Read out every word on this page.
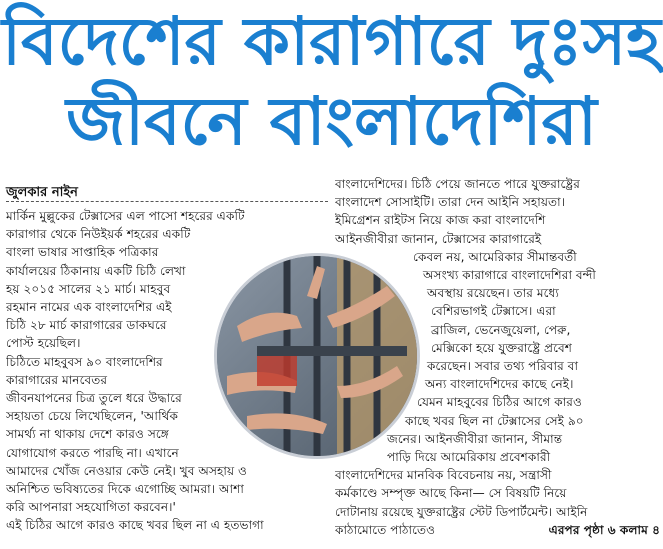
বিদেশের কারাগারে দুঃসহ
জীবনে বাংলাদেশিরা
জুলকার নাইন
মার্কিন মুল্লুকের টেক্সাসের এল পাসো শহরের একটি
কারাগার থেকে নিউইয়র্ক শহরের একটি
বাংলা ভাষার সাপ্তাহিক পত্রিকার
কার্যালয়ের ঠিকানায় একটি চিঠি লেখা
হয় ২০১৫ সালের ২১ মার্চ। মাহবুব
রহমান নামের এক বাংলাদেশির এই
চিঠি ২৮ মার্চ কারাগারের ডাকঘরে
পোস্ট হয়েছিল।
চিঠিতে মাহবুবস ৯০ বাংলাদেশির
কারাগারের মানবেতর
জীবনযাপনের চিত্র তুলে ধরে উদ্ধারে
সহায়তা চেয়ে লিখেছিলেন, 'আর্থিক
সামর্থ্য না থাকায় দেশে কারও সঙ্গে
যোগাযোগ করতে পারছি না। এখানে
আমাদের খোঁজ নেওয়ার কেউ নেই। খুব অসহায় ও
অনিশ্চিত ভবিষ্যতের দিকে এগোচ্ছি আমরা। আশা
করি আপনারা সহযোগিতা করবেন।'
এই চিঠির আগে কারও কাছে খবর ছিল না এ হতভাগা
বাংলাদেশিদের। চিঠি পেয়ে জানতে পারে যুক্তরাষ্ট্রের
বাংলাদেশ সোসাইটি। তারা দেন আইনি সহায়তা।
ইমিগ্রেশন রাইটস নিয়ে কাজ করা বাংলাদেশি
আইনজীবীরা জানান, টেক্সাসের কারাগারেই
কেবল নয়, আমেরিকার সীমান্তবর্তী
অসংখ্য কারাগারে বাংলাদেশিরা বন্দী
অবস্থায় রয়েছেন। তার মধ্যে
বেশিরভাগই টেক্সাসে। এরা
ব্রাজিল, ভেনেজুয়েলা, পেরু,
মেক্সিকো হয়ে যুক্তরাষ্ট্রে প্রবেশ
করেছেন। সবার তথ্য পরিবার বা
অন্য বাংলাদেশিদের কাছে নেই।
যেমন মাহবুবের চিঠির আগে কারও
কাছে খবর ছিল না টেক্সাসের সেই ৯০
জনের। আইনজীবীরা জানান, সীমান্ত
পাড়ি দিয়ে আমেরিকায় প্রবেশকারী
বাংলাদেশিদের মানবিক বিবেচনায় নয়, সন্ত্রাসী
কর্মকাণ্ডে সম্পৃক্ত আছে কিনা— সে বিষয়টি নিয়ে
দোটানায় রয়েছে যুক্তরাষ্ট্রের স্টেট ডিপার্টমেন্ট। আইনি
কাঠামোতে পাঠাতেও	এরপর পৃষ্ঠা ৬ কলাম ৪
